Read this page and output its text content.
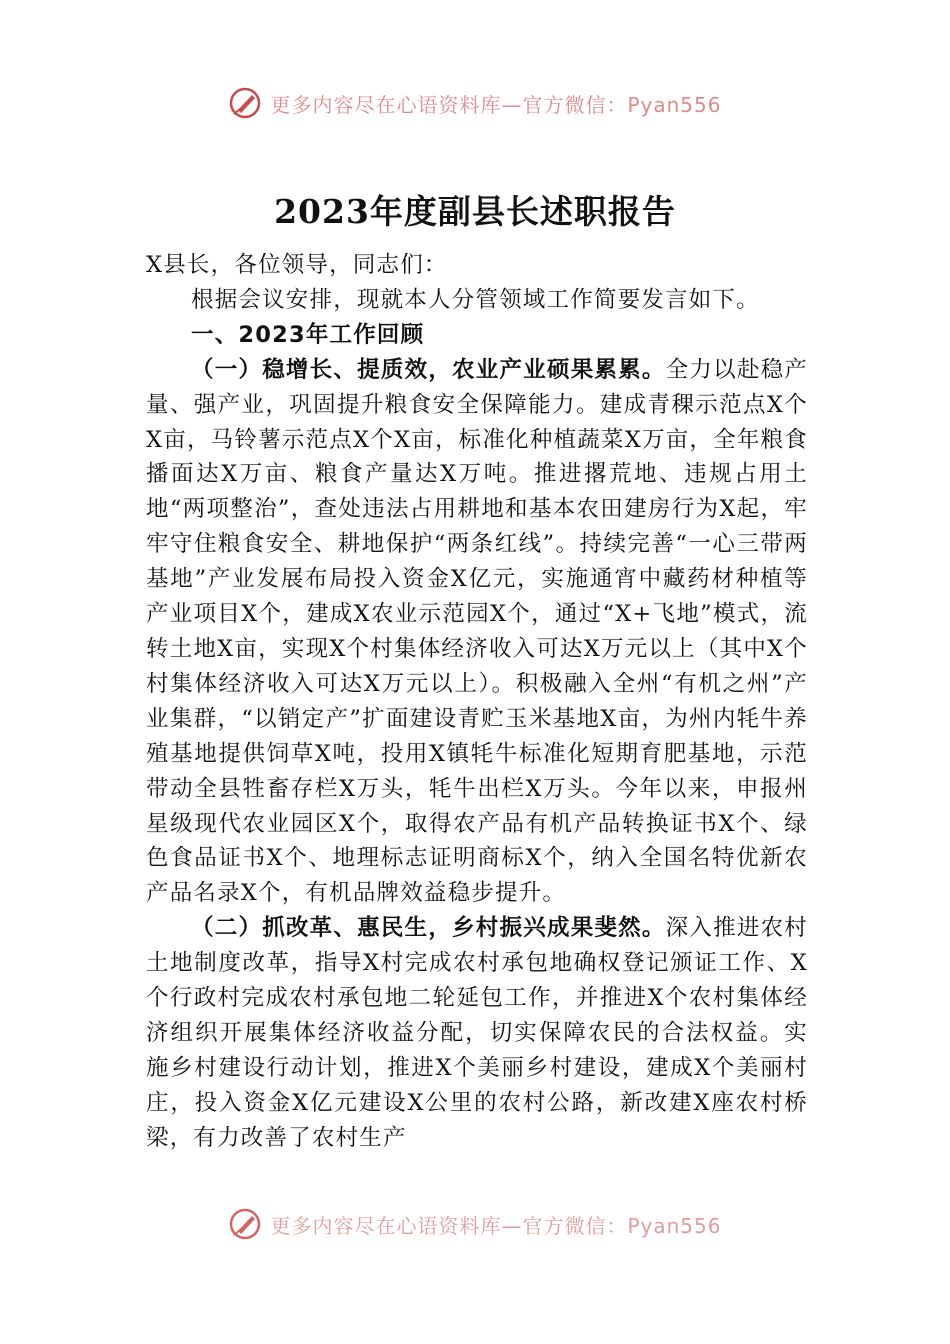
更多内容尽在心语资料库—官方微信：Pyan556
2023年度副县长述职报告

X县长，各位领导，同志们：

根据会议安排，现就本人分管领域工作简要发言如下。

一、2023年工作回顾

（一）稳增长、提质效，农业产业硕果累累。全力以赴稳产量、强产业，巩固提升粮食安全保障能力。建成青稞示范点X个X亩，马铃薯示范点X个X亩，标准化种植蔬菜X万亩，全年粮食播面达X万亩、粮食产量达X万吨。推进撂荒地、违规占用土地“两项整治”，查处违法占用耕地和基本农田建房行为X起，牢牢守住粮食安全、耕地保护“两条红线”。持续完善“一心三带两基地”产业发展布局投入资金X亿元，实施通宵中藏药材种植等产业项目X个，建成X农业示范园X个，通过“X+飞地”模式，流转土地X亩，实现X个村集体经济收入可达X万元以上（其中X个村集体经济收入可达X万元以上）。积极融入全州“有机之州”产业集群，“以销定产”扩面建设青贮玉米基地X亩，为州内牦牛养殖基地提供饲草X吨，投用X镇牦牛标准化短期育肥基地，示范带动全县牲畜存栏X万头，牦牛出栏X万头。今年以来，申报州星级现代农业园区X个，取得农产品有机产品转换证书X个、绿色食品证书X个、地理标志证明商标X个，纳入全国名特优新农产品名录X个，有机品牌效益稳步提升。

（二）抓改革、惠民生，乡村振兴成果斐然。深入推进农村土地制度改革，指导X村完成农村承包地确权登记颁证工作、X个行政村完成农村承包地二轮延包工作，并推进X个农村集体经济组织开展集体经济收益分配，切实保障农民的合法权益。实施乡村建设行动计划，推进X个美丽乡村建设，建成X个美丽村庄，投入资金X亿元建设X公里的农村公路，新改建X座农村桥梁，有力改善了农村生产

更多内容尽在心语资料库—官方微信：Pyan556
